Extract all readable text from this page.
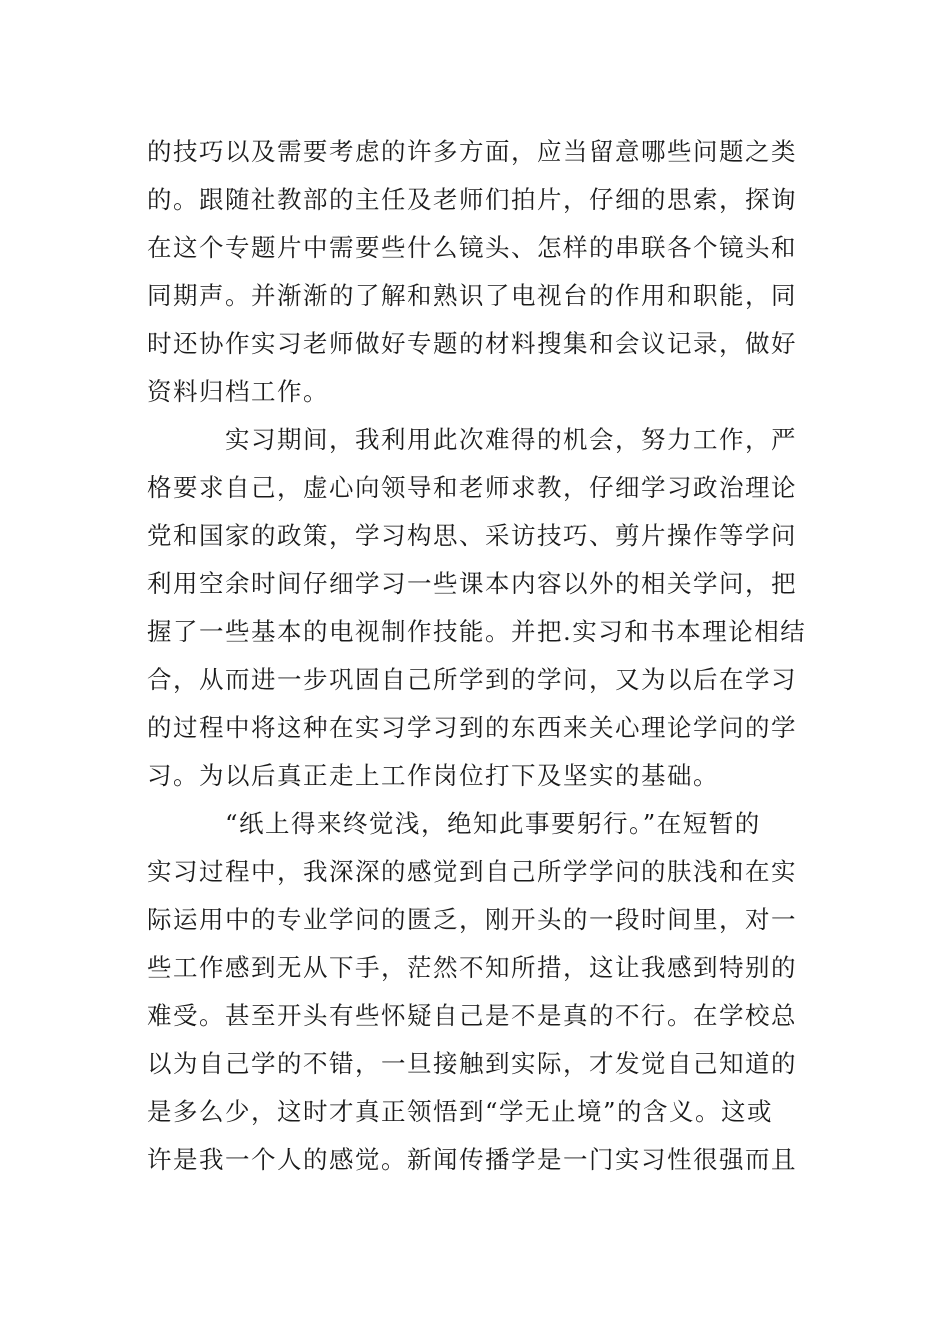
的技巧以及需要考虑的许多方面，应当留意哪些问题之类
的。跟随社教部的主任及老师们拍片，仔细的思索，探询
在这个专题片中需要些什么镜头、怎样的串联各个镜头和
同期声。并渐渐的了解和熟识了电视台的作用和职能，同
时还协作实习老师做好专题的材料搜集和会议记录，做好
资料归档工作。
实习期间，我利用此次难得的机会，努力工作，严
格要求自己，虚心向领导和老师求教，仔细学习政治理论
党和国家的政策，学习构思、采访技巧、剪片操作等学问
利用空余时间仔细学习一些课本内容以外的相关学问，把
握了一些基本的电视制作技能。并把.实习和书本理论相结
合，从而进一步巩固自己所学到的学问，又为以后在学习
的过程中将这种在实习学习到的东西来关心理论学问的学
习。为以后真正走上工作岗位打下及坚实的基础。
“纸上得来终觉浅，绝知此事要躬行。”在短暂的
实习过程中，我深深的感觉到自己所学学问的肤浅和在实
际运用中的专业学问的匮乏，刚开头的一段时间里，对一
些工作感到无从下手，茫然不知所措，这让我感到特别的
难受。甚至开头有些怀疑自己是不是真的不行。在学校总
以为自己学的不错，一旦接触到实际，才发觉自己知道的
是多么少，这时才真正领悟到“学无止境”的含义。这或
许是我一个人的感觉。新闻传播学是一门实习性很强而且
